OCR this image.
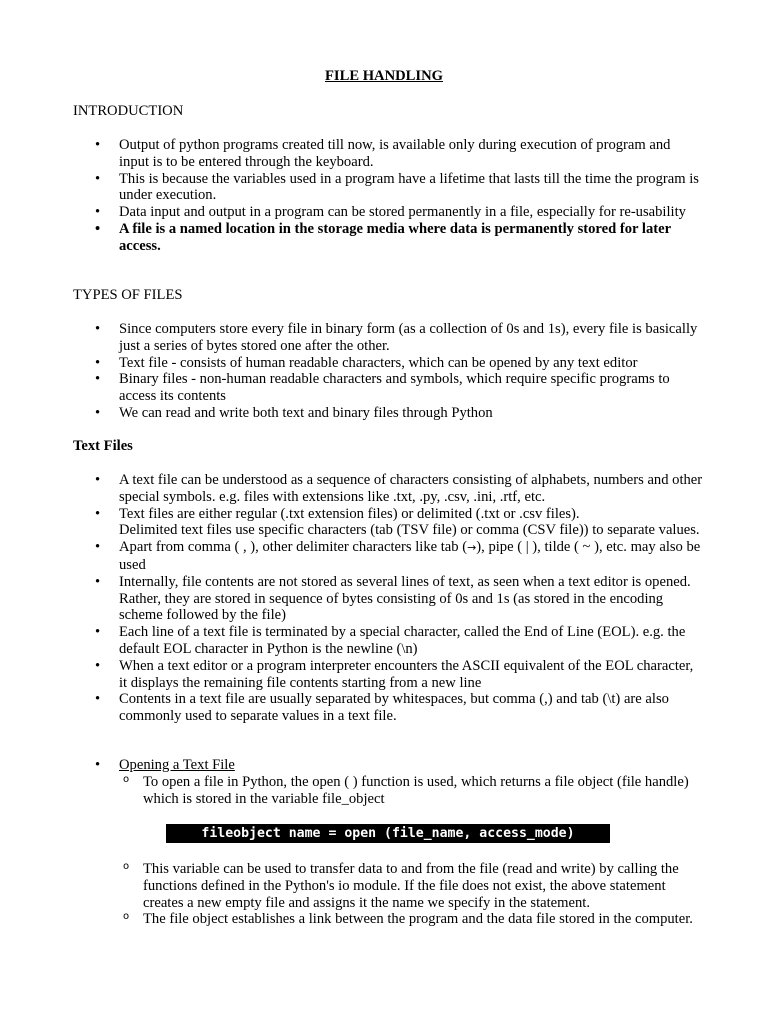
FILE HANDLING
INTRODUCTION
• Output of python programs created till now, is available only during execution of program and input is to be entered through the keyboard.
• This is because the variables used in a program have a lifetime that lasts till the time the program is under execution.
• Data input and output in a program can be stored permanently in a file, especially for re-usability
• A file is a named location in the storage media where data is permanently stored for later access.
TYPES OF FILES
• Since computers store every file in binary form (as a collection of 0s and 1s), every file is basically just a series of bytes stored one after the other.
• Text file - consists of human readable characters, which can be opened by any text editor
• Binary files - non-human readable characters and symbols, which require specific programs to access its contents
• We can read and write both text and binary files through Python
Text Files
• A text file can be understood as a sequence of characters consisting of alphabets, numbers and other special symbols. e.g. files with extensions like .txt, .py, .csv, .ini, .rtf, etc.
• Text files are either regular (.txt extension files) or delimited (.txt or .csv files).
Delimited text files use specific characters (tab (TSV file) or comma (CSV file)) to separate values.
• Apart from comma ( , ), other delimiter characters like tab (→), pipe ( | ), tilde ( ~ ), etc. may also be used
• Internally, file contents are not stored as several lines of text, as seen when a text editor is opened. Rather, they are stored in sequence of bytes consisting of 0s and 1s (as stored in the encoding scheme followed by the file)
• Each line of a text file is terminated by a special character, called the End of Line (EOL). e.g. the default EOL character in Python is the newline (\n)
• When a text editor or a program interpreter encounters the ASCII equivalent of the EOL character, it displays the remaining file contents starting from a new line
• Contents in a text file are usually separated by whitespaces, but comma (,) and tab (\t) are also commonly used to separate values in a text file.
• Opening a Text File
o To open a file in Python, the open ( ) function is used, which returns a file object (file handle) which is stored in the variable file_object
fileobject name = open (file_name, access_mode)
o This variable can be used to transfer data to and from the file (read and write) by calling the functions defined in the Python's io module. If the file does not exist, the above statement creates a new empty file and assigns it the name we specify in the statement.
o The file object establishes a link between the program and the data file stored in the computer.
